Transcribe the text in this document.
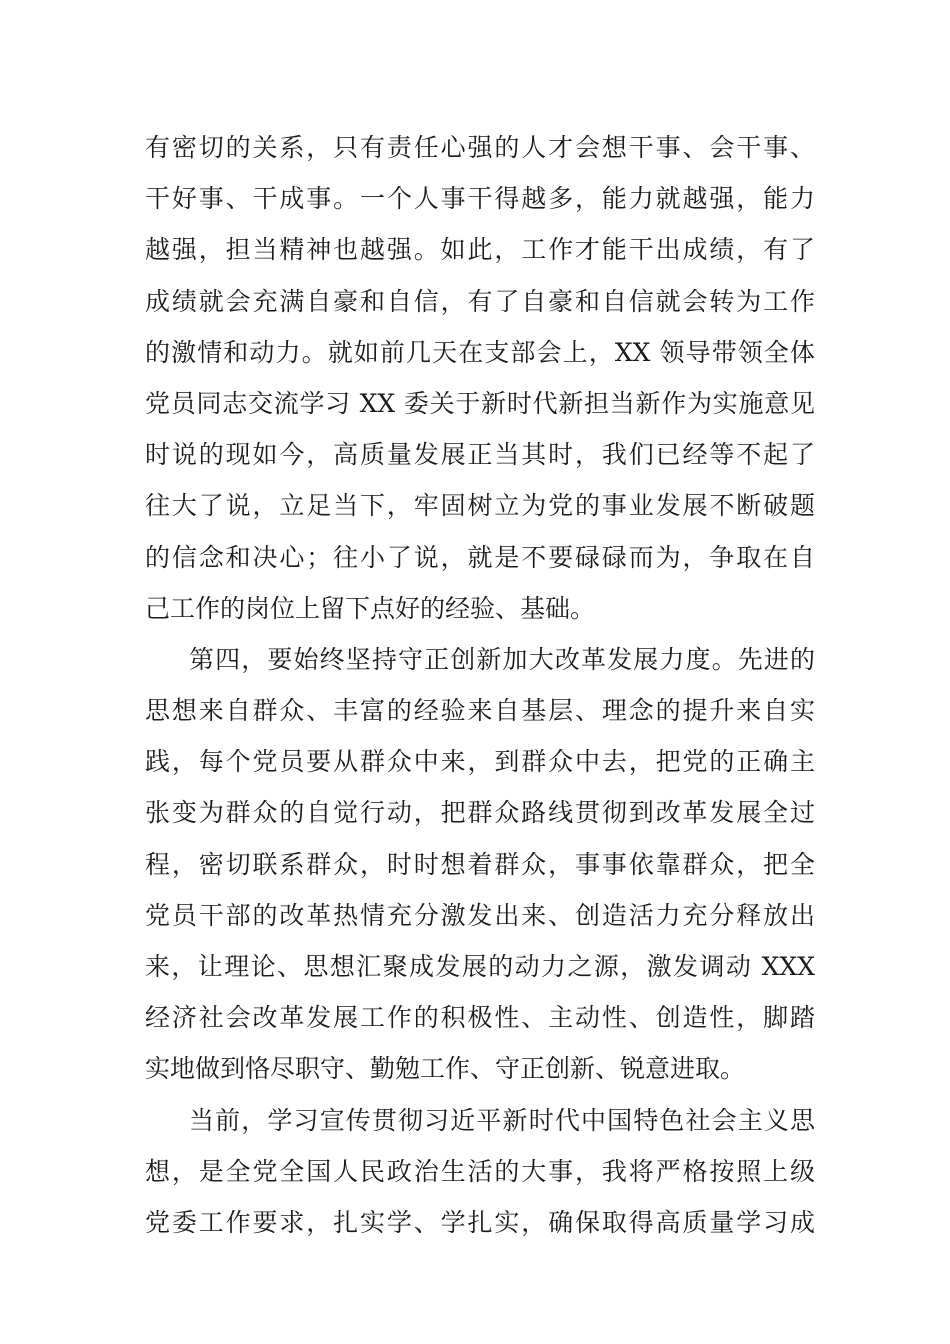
有密切的关系，只有责任心强的人才会想干事、会干事、
干好事、干成事。一个人事干得越多，能力就越强，能力
越强，担当精神也越强。如此，工作才能干出成绩，有了
成绩就会充满自豪和自信，有了自豪和自信就会转为工作
的激情和动力。就如前几天在支部会上，XX 领导带领全体
党员同志交流学习 XX 委关于新时代新担当新作为实施意见
时说的现如今，高质量发展正当其时，我们已经等不起了
往大了说，立足当下，牢固树立为党的事业发展不断破题
的信念和决心；往小了说，就是不要碌碌而为，争取在自
己工作的岗位上留下点好的经验、基础。
第四，要始终坚持守正创新加大改革发展力度。先进的
思想来自群众、丰富的经验来自基层、理念的提升来自实
践，每个党员要从群众中来，到群众中去，把党的正确主
张变为群众的自觉行动，把群众路线贯彻到改革发展全过
程，密切联系群众，时时想着群众，事事依靠群众，把全
党员干部的改革热情充分激发出来、创造活力充分释放出
来，让理论、思想汇聚成发展的动力之源，激发调动 XXX
经济社会改革发展工作的积极性、主动性、创造性，脚踏
实地做到恪尽职守、勤勉工作、守正创新、锐意进取。
当前，学习宣传贯彻习近平新时代中国特色社会主义思
想，是全党全国人民政治生活的大事，我将严格按照上级
党委工作要求，扎实学、学扎实，确保取得高质量学习成
